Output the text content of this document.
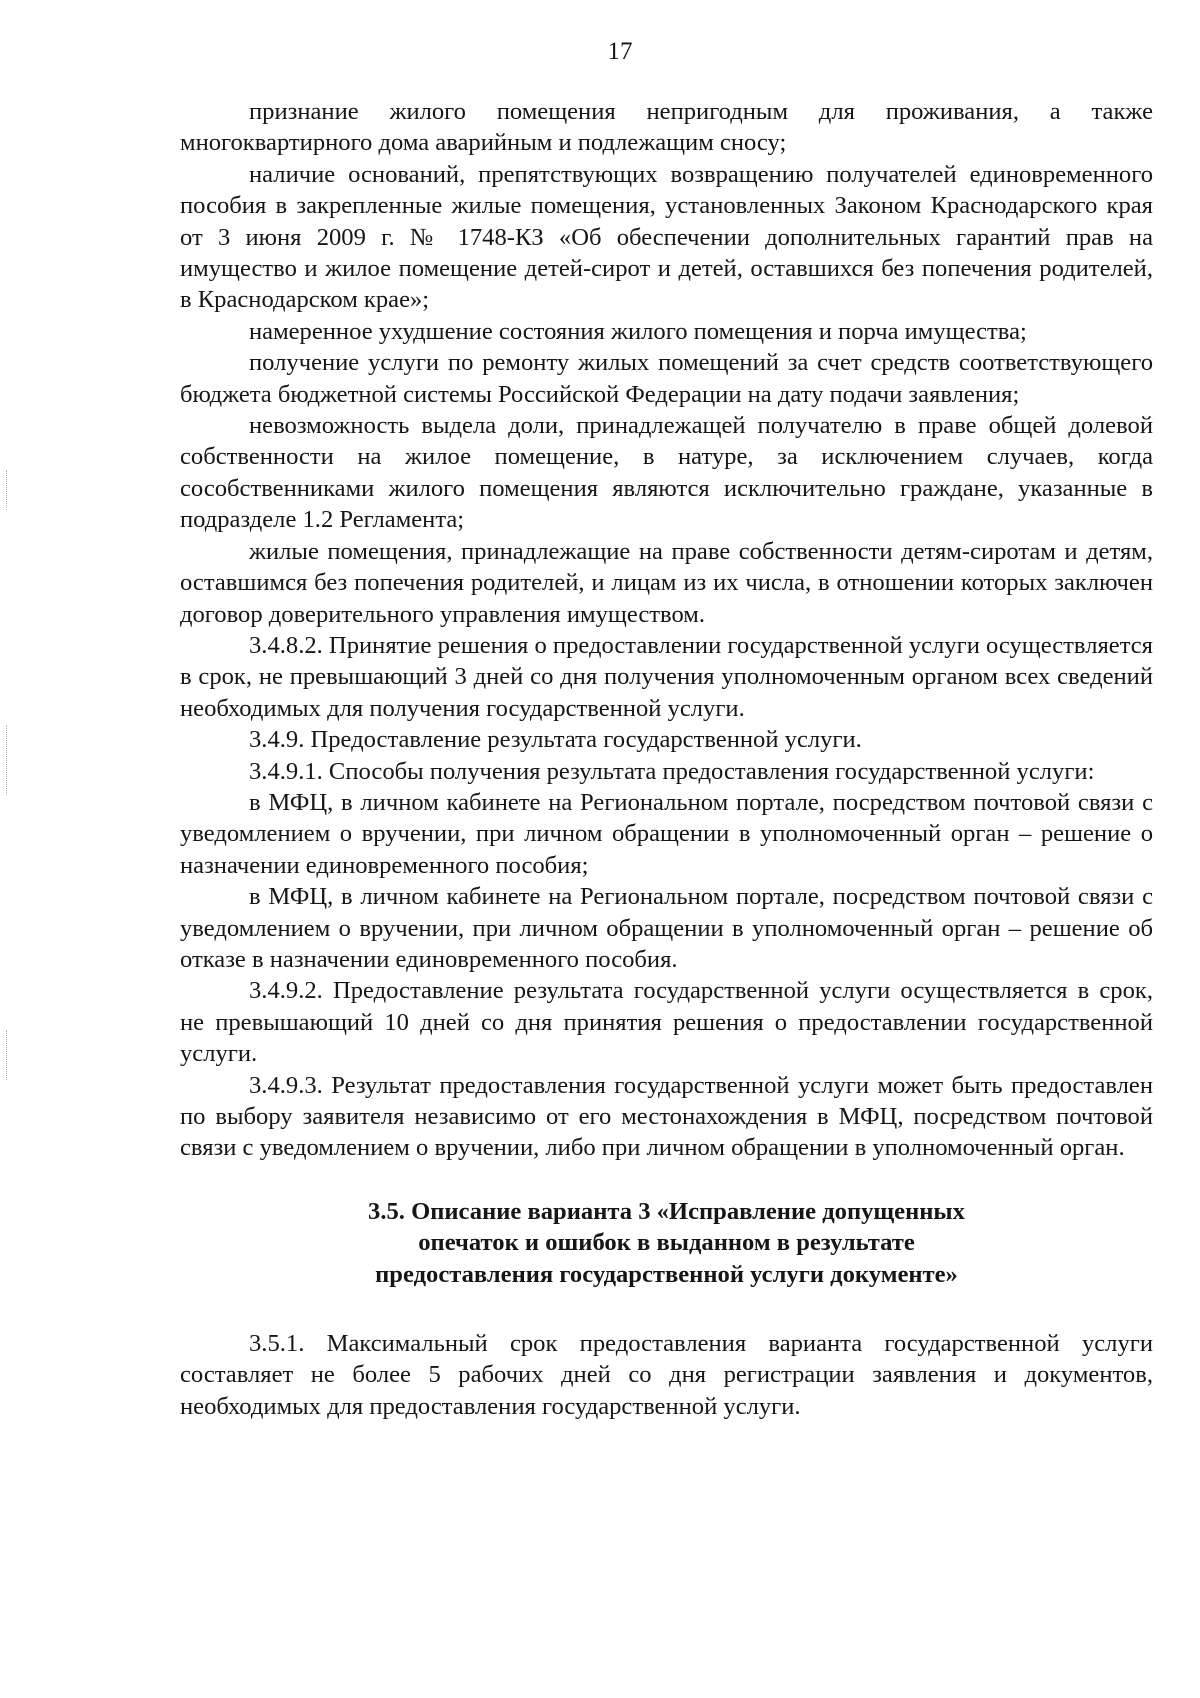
17

признание жилого помещения непригодным для проживания, а также многоквартирного дома аварийным и подлежащим сносу;

наличие оснований, препятствующих возвращению получателей единовременного пособия в закрепленные жилые помещения, установленных Законом Краснодарского края от 3 июня 2009 г. № 1748-КЗ «Об обеспечении дополнительных гарантий прав на имущество и жилое помещение детей-сирот и детей, оставшихся без попечения родителей, в Краснодарском крае»;

намеренное ухудшение состояния жилого помещения и порча имущества;

получение услуги по ремонту жилых помещений за счет средств соответствующего бюджета бюджетной системы Российской Федерации на дату подачи заявления;

невозможность выдела доли, принадлежащей получателю в праве общей долевой собственности на жилое помещение, в натуре, за исключением случаев, когда сособственниками жилого помещения являются исключительно граждане, указанные в подразделе 1.2 Регламента;

жилые помещения, принадлежащие на праве собственности детям-сиротам и детям, оставшимся без попечения родителей, и лицам из их числа, в отношении которых заключен договор доверительного управления имуществом.

3.4.8.2. Принятие решения о предоставлении государственной услуги осуществляется в срок, не превышающий 3 дней со дня получения уполномоченным органом всех сведений необходимых для получения государственной услуги.

3.4.9. Предоставление результата государственной услуги.

3.4.9.1. Способы получения результата предоставления государственной услуги:

в МФЦ, в личном кабинете на Региональном портале, посредством почтовой связи с уведомлением о вручении, при личном обращении в уполномоченный орган – решение о назначении единовременного пособия;

в МФЦ, в личном кабинете на Региональном портале, посредством почтовой связи с уведомлением о вручении, при личном обращении в уполномоченный орган – решение об отказе в назначении единовременного пособия.

3.4.9.2. Предоставление результата государственной услуги осуществляется в срок, не превышающий 10 дней со дня принятия решения о предоставлении государственной услуги.

3.4.9.3. Результат предоставления государственной услуги может быть предоставлен по выбору заявителя независимо от его местонахождения в МФЦ, посредством почтовой связи с уведомлением о вручении, либо при личном обращении в уполномоченный орган.

3.5. Описание варианта 3 «Исправление допущенных
опечаток и ошибок в выданном в результате
предоставления государственной услуги документе»

3.5.1. Максимальный срок предоставления варианта государственной услуги составляет не более 5 рабочих дней со дня регистрации заявления и документов, необходимых для предоставления государственной услуги.
